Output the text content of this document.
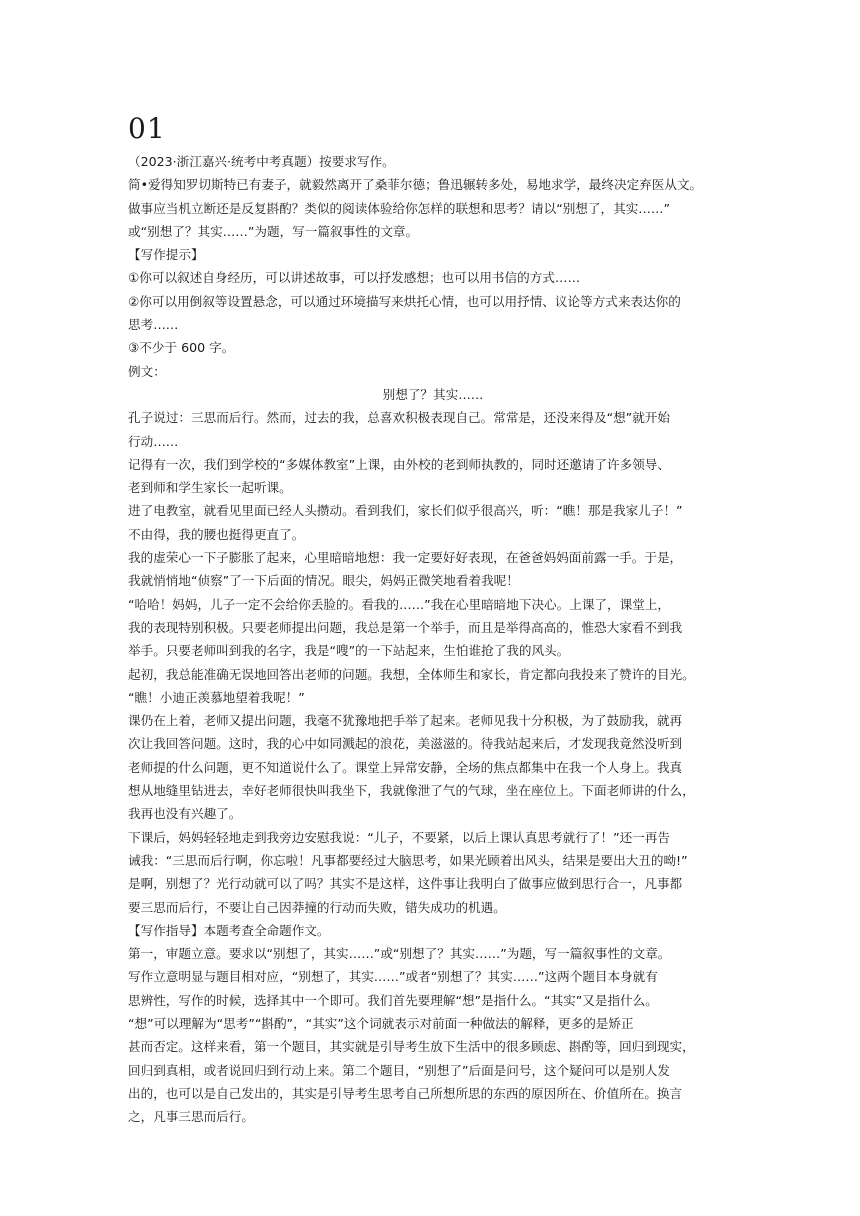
01
（2023·浙江嘉兴·统考中考真题）按要求写作。
简•爱得知罗切斯特已有妻子，就毅然离开了桑菲尔德；鲁迅辗转多处，易地求学，最终决定弃医从文。
做事应当机立断还是反复斟酌？类似的阅读体验给你怎样的联想和思考？请以“别想了，其实……”
或“别想了？其实……”为题，写一篇叙事性的文章。
【写作提示】
①你可以叙述自身经历，可以讲述故事，可以抒发感想；也可以用书信的方式……
②你可以用倒叙等设置悬念，可以通过环境描写来烘托心情，也可以用抒情、议论等方式来表达你的
思考……
③不少于 600 字。
例文：
别想了？其实……
孔子说过：三思而后行。然而，过去的我，总喜欢积极表现自己。常常是，还没来得及“想”就开始
行动……
记得有一次，我们到学校的“多媒体教室”上课，由外校的老到师执教的，同时还邀请了许多领导、
老到师和学生家长一起听课。
进了电教室，就看见里面已经人头攒动。看到我们，家长们似乎很高兴，听：“瞧！那是我家儿子！”
不由得，我的腰也挺得更直了。
我的虚荣心一下子膨胀了起来，心里暗暗地想：我一定要好好表现，在爸爸妈妈面前露一手。于是，
我就悄悄地“侦察”了一下后面的情况。眼尖，妈妈正微笑地看着我呢！
“哈哈！妈妈，儿子一定不会给你丢脸的。看我的……”我在心里暗暗地下决心。上课了，课堂上，
我的表现特别积极。只要老师提出问题，我总是第一个举手，而且是举得高高的，惟恐大家看不到我
举手。只要老师叫到我的名字，我是“嗖”的一下站起来，生怕谁抢了我的风头。
起初，我总能准确无误地回答出老师的问题。我想，全体师生和家长，肯定都向我投来了赞许的目光。
“瞧！小迪正羡慕地望着我呢！”
课仍在上着，老师又提出问题，我毫不犹豫地把手举了起来。老师见我十分积极，为了鼓励我，就再
次让我回答问题。这时，我的心中如同溅起的浪花，美滋滋的。待我站起来后，才发现我竟然没听到
老师提的什么问题，更不知道说什么了。课堂上异常安静，全场的焦点都集中在我一个人身上。我真
想从地缝里钻进去，幸好老师很快叫我坐下，我就像泄了气的气球，坐在座位上。下面老师讲的什么，
我再也没有兴趣了。
下课后，妈妈轻轻地走到我旁边安慰我说：“儿子，不要紧，以后上课认真思考就行了！”还一再告
诫我：“三思而后行啊，你忘啦！凡事都要经过大脑思考，如果光顾着出风头，结果是要出大丑的呦!”
是啊，别想了？光行动就可以了吗？其实不是这样，这件事让我明白了做事应做到思行合一，凡事都
要三思而后行，不要让自己因莽撞的行动而失败，错失成功的机遇。
【写作指导】本题考查全命题作文。
第一，审题立意。要求以“别想了，其实……”或“别想了？其实……”为题，写一篇叙事性的文章。
写作立意明显与题目相对应，“别想了，其实……”或者“别想了？其实……”这两个题目本身就有
思辨性，写作的时候，选择其中一个即可。我们首先要理解“想”是指什么。“其实”又是指什么。
“想”可以理解为“思考”“斟酌”，“其实”这个词就表示对前面一种做法的解释，更多的是矫正
甚而否定。这样来看，第一个题目，其实就是引导考生放下生活中的很多顾虑、斟酌等，回归到现实，
回归到真相，或者说回归到行动上来。第二个题目，“别想了”后面是问号，这个疑问可以是别人发
出的，也可以是自己发出的，其实是引导考生思考自己所想所思的东西的原因所在、价值所在。换言
之，凡事三思而后行。
